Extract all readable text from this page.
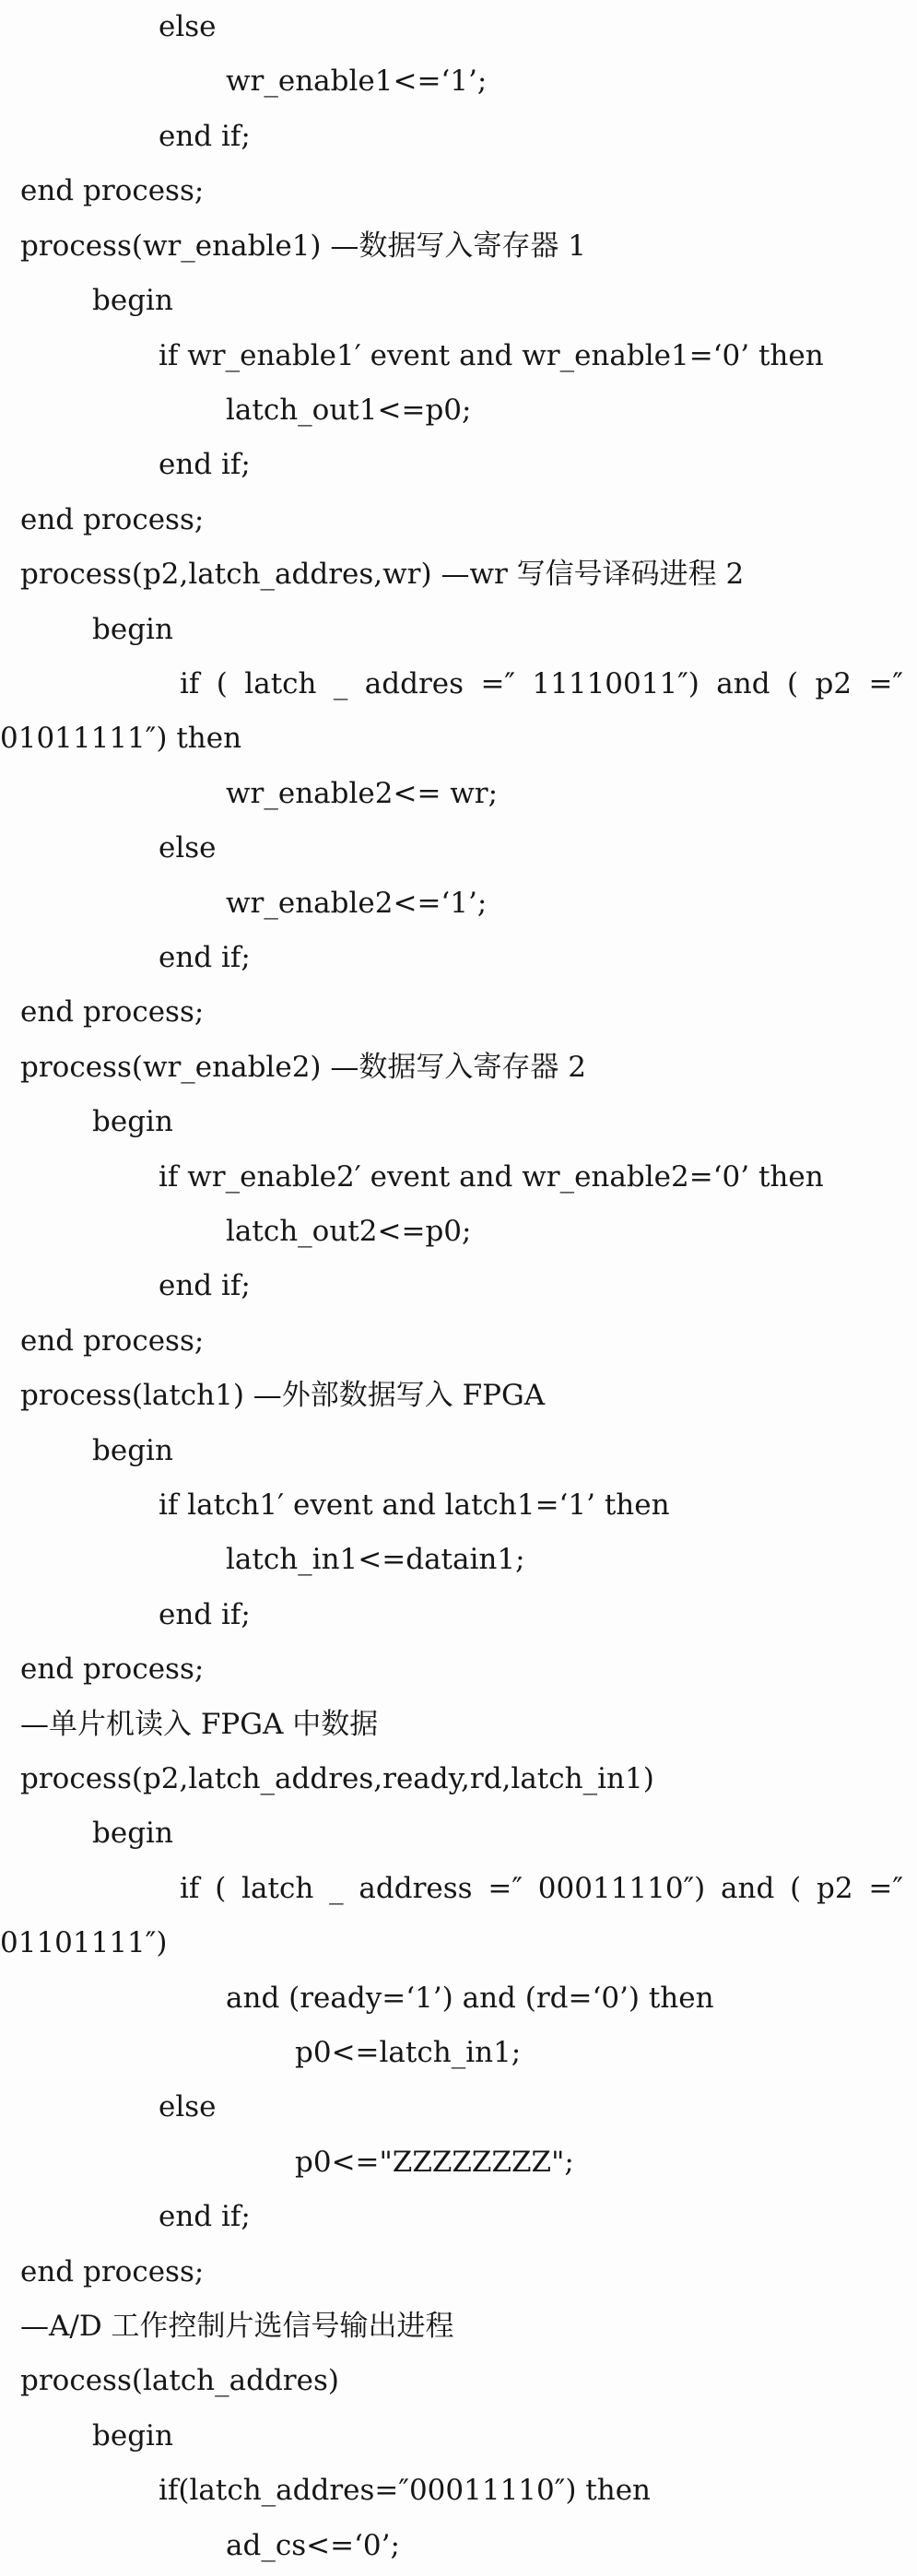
else
wr_enable1<=‘1’;
end if;
end process;
process(wr_enable1) —数据写入寄存器 1
begin
if wr_enable1′ event and wr_enable1=‘0’ then
latch_out1<=p0;
end if;
end process;
process(p2,latch_addres,wr) —wr 写信号译码进程 2
begin
if ( latch _ addres =″ 11110011″) and ( p2 =″
01011111″) then
wr_enable2<= wr;
else
wr_enable2<=‘1’;
end if;
end process;
process(wr_enable2) —数据写入寄存器 2
begin
if wr_enable2′ event and wr_enable2=‘0’ then
latch_out2<=p0;
end if;
end process;
process(latch1) —外部数据写入 FPGA
begin
if latch1′ event and latch1=‘1’ then
latch_in1<=datain1;
end if;
end process;
—单片机读入 FPGA 中数据
process(p2,latch_addres,ready,rd,latch_in1)
begin
if ( latch _ address =″ 00011110″) and ( p2 =″
01101111″)
and (ready=‘1’) and (rd=‘0’) then
p0<=latch_in1;
else
p0<="ZZZZZZZZ";
end if;
end process;
—A/D 工作控制片选信号输出进程
process(latch_addres)
begin
if(latch_addres=″00011110″) then
ad_cs<=‘0’;
